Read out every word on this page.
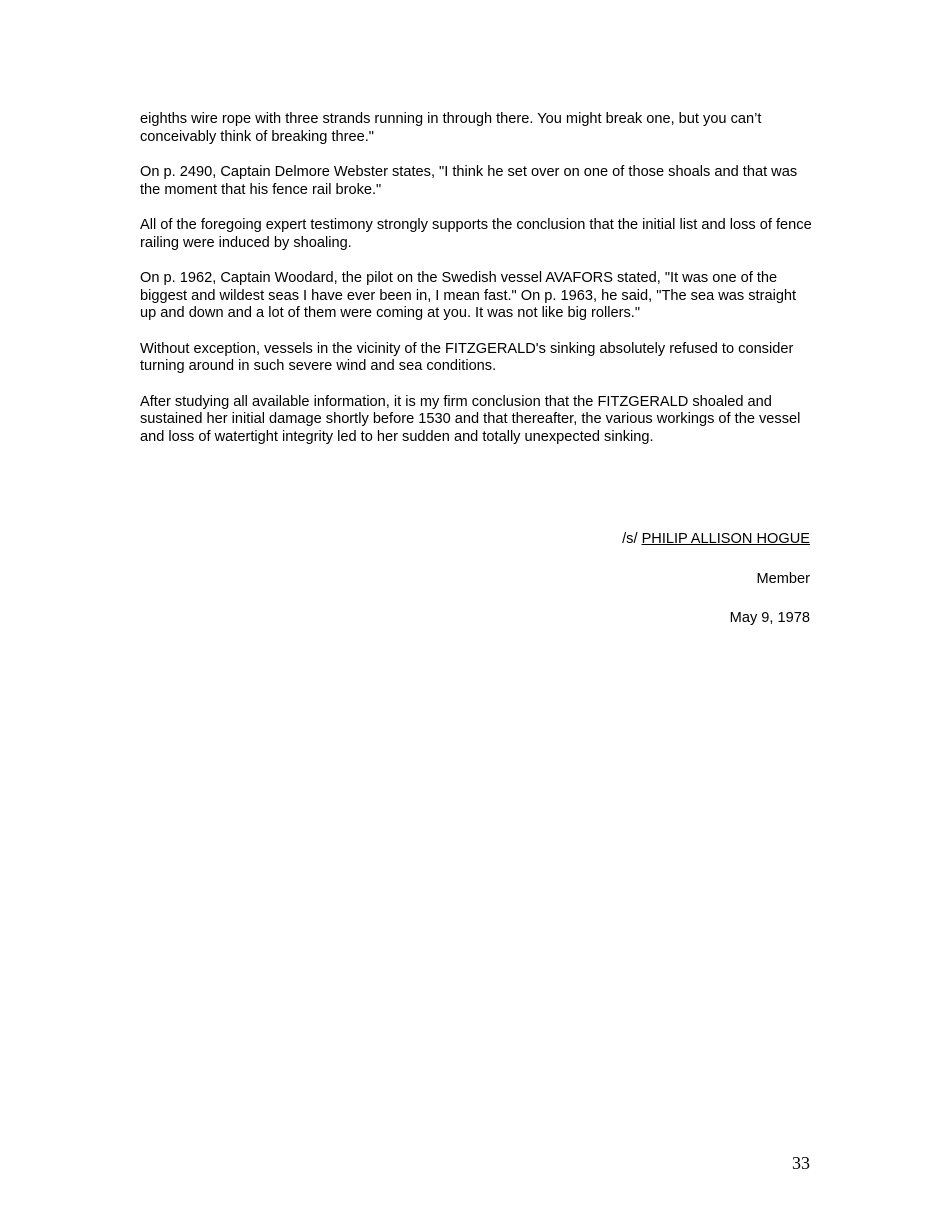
eighths wire rope with three strands running in through there. You might break one, but you can’t conceivably think of breaking three."

On p. 2490, Captain Delmore Webster states, "I think he set over on one of those shoals and that was the moment that his fence rail broke."

All of the foregoing expert testimony strongly supports the conclusion that the initial list and loss of fence railing were induced by shoaling.

On p. 1962, Captain Woodard, the pilot on the Swedish vessel AVAFORS stated, "It was one of the biggest and wildest seas I have ever been in, I mean fast." On p. 1963, he said, "The sea was straight up and down and a lot of them were coming at you. It was not like big rollers."

Without exception, vessels in the vicinity of the FITZGERALD's sinking absolutely refused to consider turning around in such severe wind and sea conditions.

After studying all available information, it is my firm conclusion that the FITZGERALD shoaled and sustained her initial damage shortly before 1530 and that thereafter, the various workings of the vessel and loss of watertight integrity led to her sudden and totally unexpected sinking.

/s/ PHILIP ALLISON HOGUE
Member
May 9, 1978
33
